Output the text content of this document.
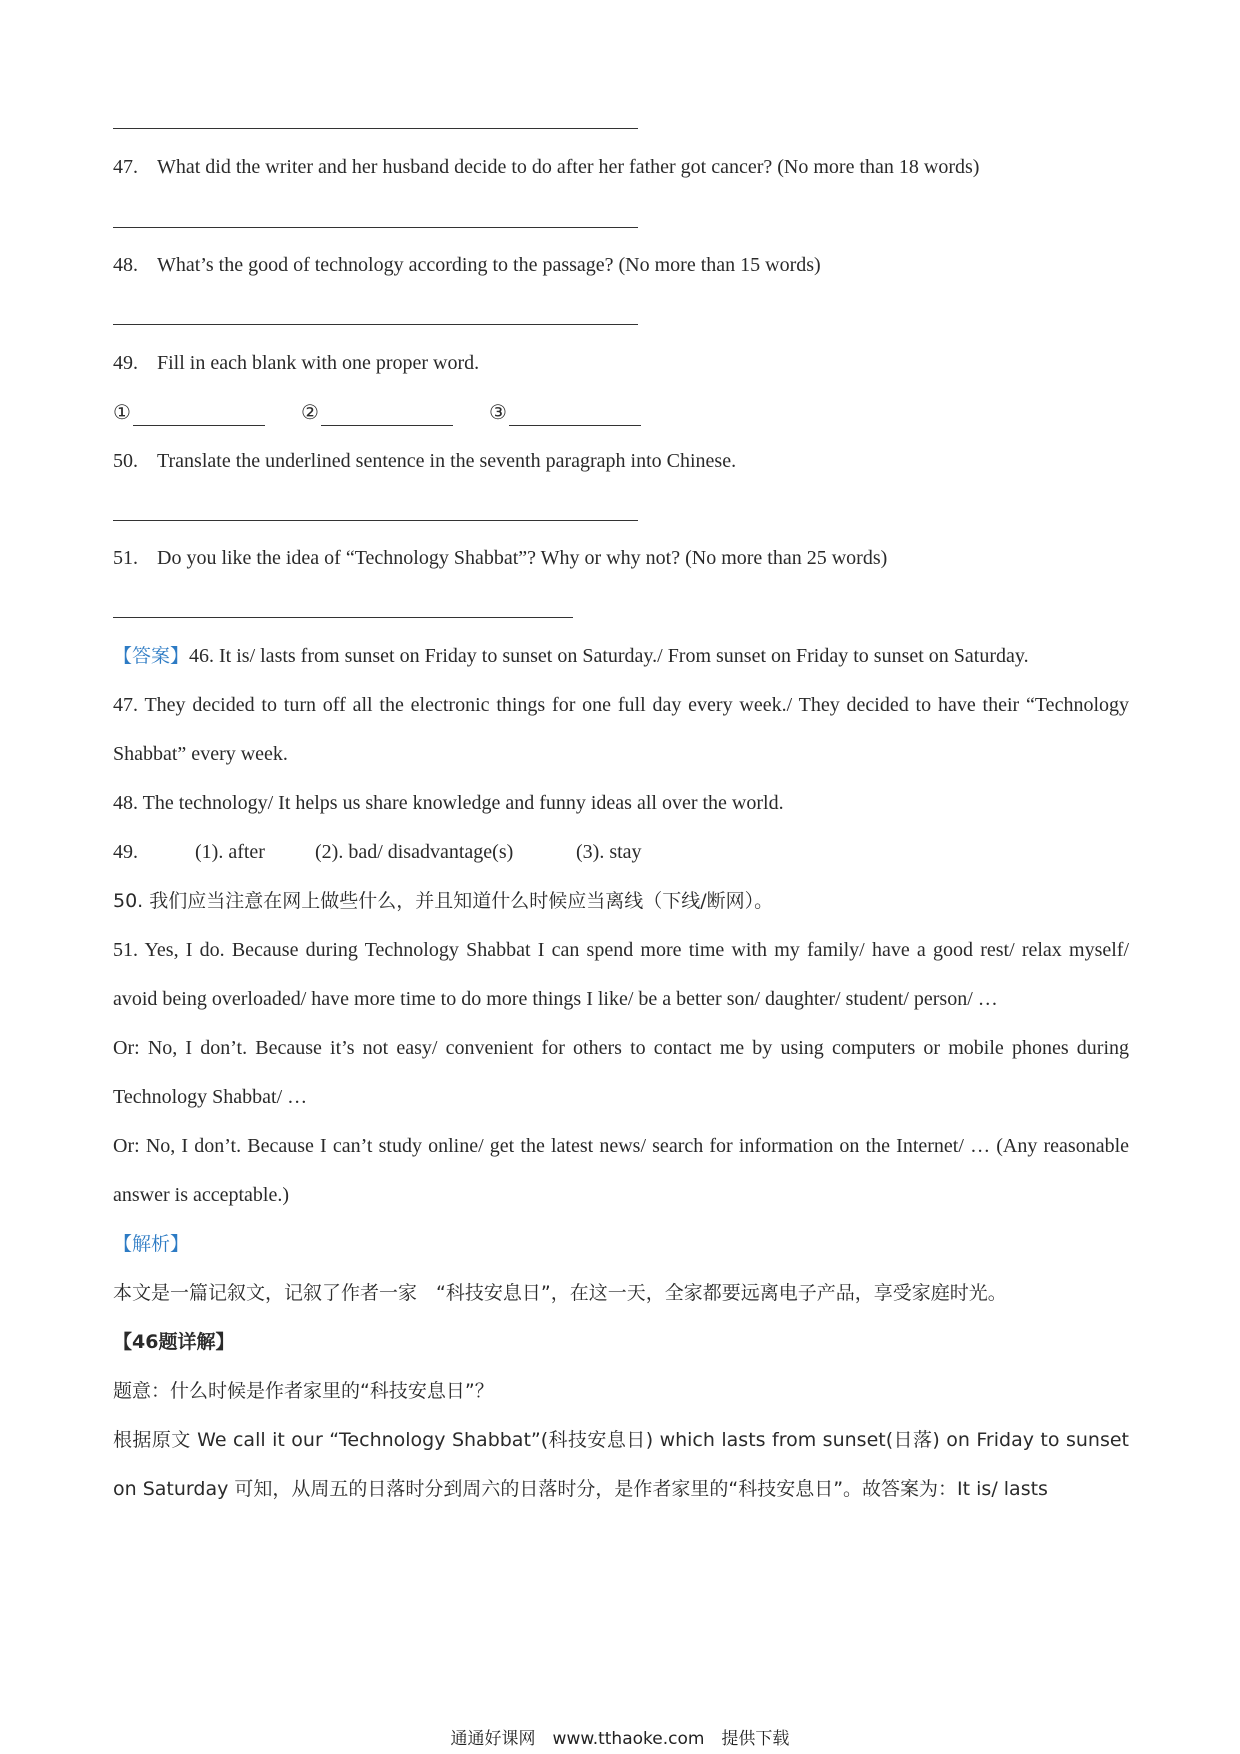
47. What did the writer and her husband decide to do after her father got cancer? (No more than 18 words)
48. What’s the good of technology according to the passage? (No more than 15 words)
49. Fill in each blank with one proper word.
①	②	③
50. Translate the underlined sentence in the seventh paragraph into Chinese.
51. Do you like the idea of “Technology Shabbat”? Why or why not? (No more than 25 words)

【答案】46. It is/ lasts from sunset on Friday to sunset on Saturday./ From sunset on Friday to sunset on Saturday.

47. They decided to turn off all the electronic things for one full day every week./ They decided to have their “Technology Shabbat” every week.

48. The technology/ It helps us share knowledge and funny ideas all over the world.

49.	(1). after	(2). bad/ disadvantage(s)	(3). stay

50. 我们应当注意在网上做些什么，并且知道什么时候应当离线（下线/断网）。

51. Yes, I do. Because during Technology Shabbat I can spend more time with my family/ have a good rest/ relax myself/ avoid being overloaded/ have more time to do more things I like/ be a better son/ daughter/ student/ person/ …

Or: No, I don’t. Because it’s not easy/ convenient for others to contact me by using computers or mobile phones during Technology Shabbat/ …

Or: No, I don’t. Because I can’t study online/ get the latest news/ search for information on the Internet/ … (Any reasonable answer is acceptable.)

【解析】

本文是一篇记叙文，记叙了作者一家　“科技安息日”，在这一天，全家都要远离电子产品，享受家庭时光。

【46题详解】

题意：什么时候是作者家里的“科技安息日”？

根据原文 We call it our “Technology Shabbat”(科技安息日) which lasts from sunset(日落) on Friday to sunset on Saturday 可知，从周五的日落时分到周六的日落时分，是作者家里的“科技安息日”。故答案为：It is/ lasts

通通好课网　www.tthaoke.com　提供下载
